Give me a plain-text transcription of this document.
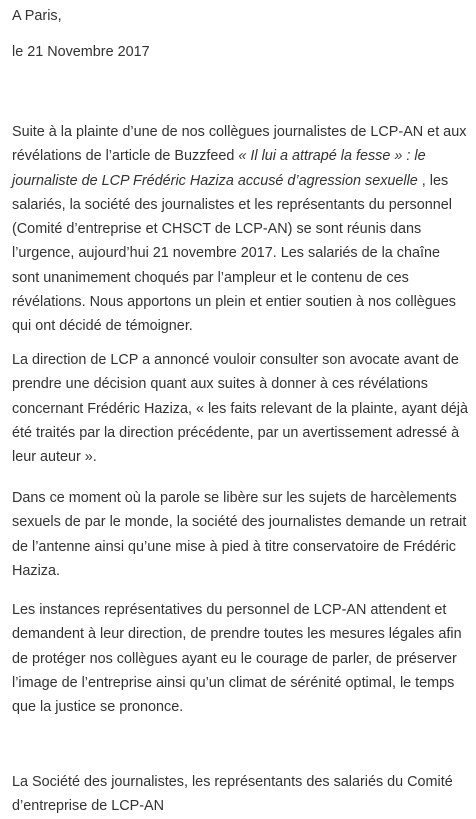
A Paris,
le 21 Novembre 2017

Suite à la plainte d’une de nos collègues journalistes de LCP-AN et aux révélations de l’article de Buzzfeed « Il lui a attrapé la fesse » : le journaliste de LCP Frédéric Haziza accusé d’agression sexuelle , les salariés, la société des journalistes et les représentants du personnel (Comité d’entreprise et CHSCT de LCP-AN) se sont réunis dans l’urgence, aujourd’hui 21 novembre 2017. Les salariés de la chaîne sont unanimement choqués par l’ampleur et le contenu de ces révélations. Nous apportons un plein et entier soutien à nos collègues qui ont décidé de témoigner.

La direction de LCP a annoncé vouloir consulter son avocate avant de prendre une décision quant aux suites à donner à ces révélations concernant Frédéric Haziza, « les faits relevant de la plainte, ayant déjà été traités par la direction précédente, par un avertissement adressé à leur auteur ».

Dans ce moment où la parole se libère sur les sujets de harcèlements sexuels de par le monde, la société des journalistes demande un retrait de l’antenne ainsi qu’une mise à pied à titre conservatoire de Frédéric Haziza.

Les instances représentatives du personnel de LCP-AN attendent et demandent à leur direction, de prendre toutes les mesures légales afin de protéger nos collègues ayant eu le courage de parler, de préserver l’image de l’entreprise ainsi qu’un climat de sérénité optimal, le temps que la justice se prononce.

La Société des journalistes, les représentants des salariés du Comité d’entreprise de LCP-AN
